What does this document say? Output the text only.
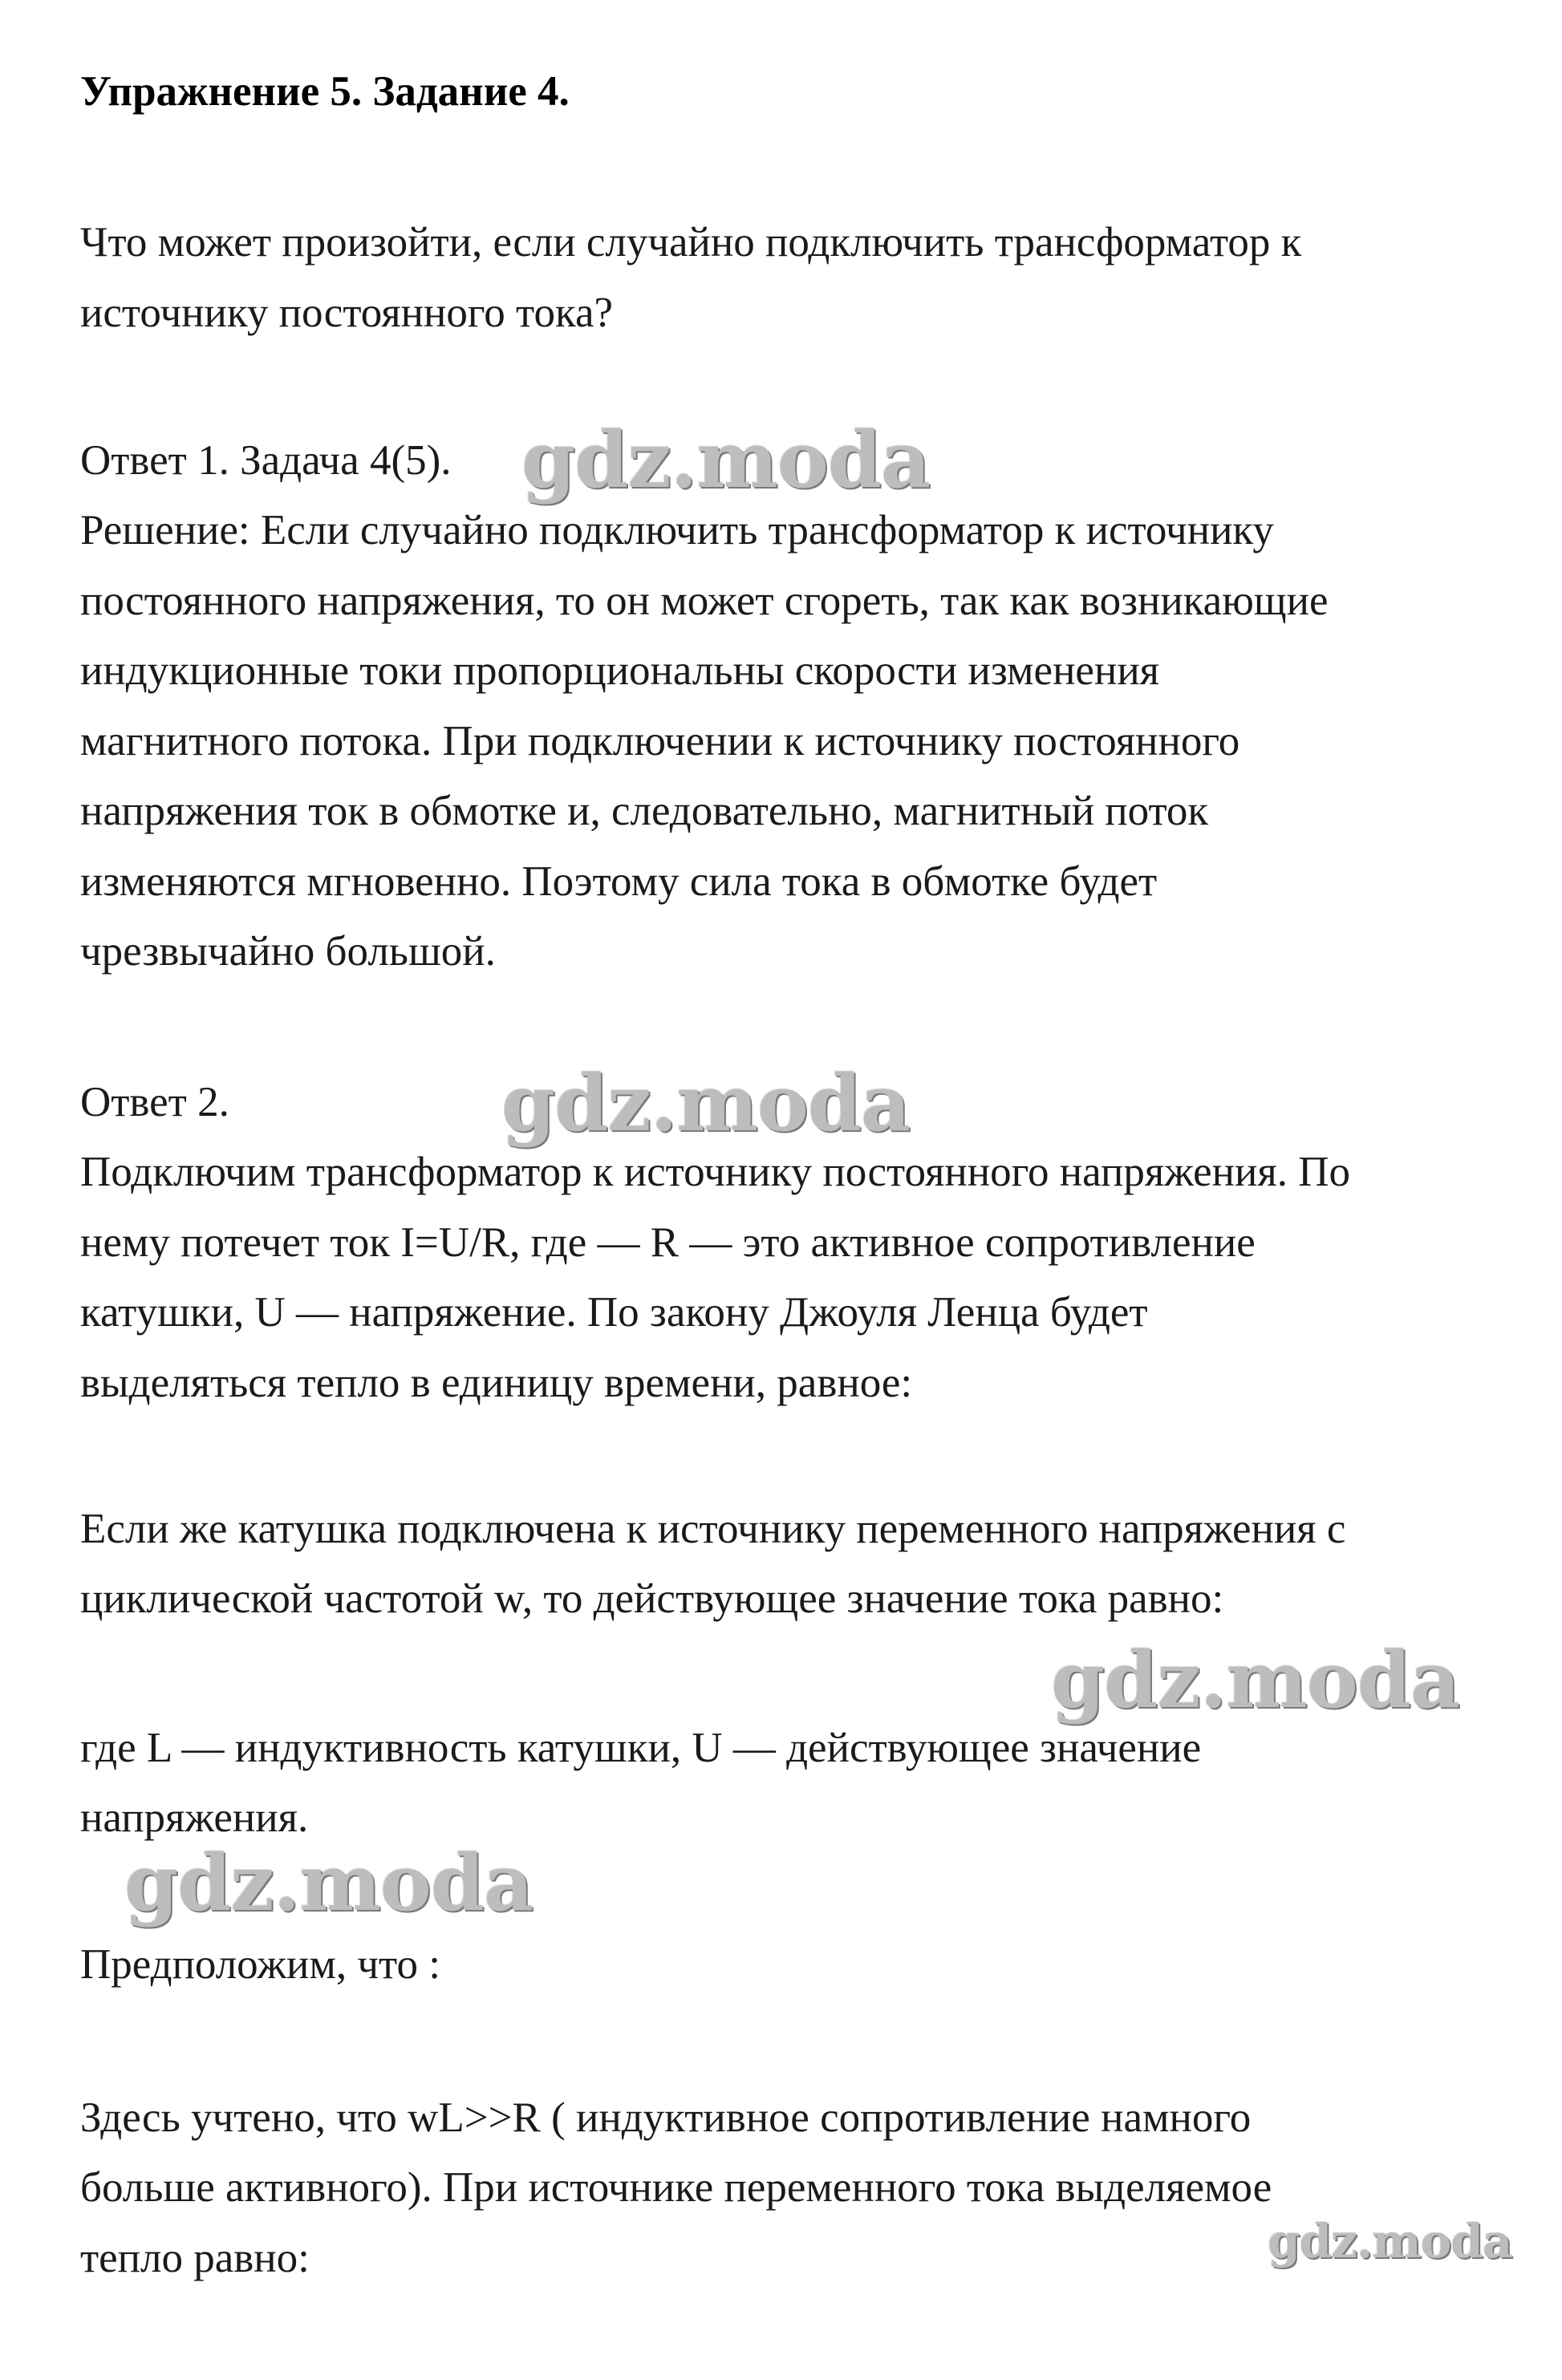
Упражнение 5. Задание 4.
Что может произойти, если случайно подключить трансформатор к
источнику постоянного тока?
Ответ 1. Задача 4(5).
Решение: Если случайно подключить трансформатор к источнику
постоянного напряжения, то он может сгореть, так как возникающие
индукционные токи пропорциональны скорости изменения
магнитного потока. При подключении к источнику постоянного
напряжения ток в обмотке и, следовательно, магнитный поток
изменяются мгновенно. Поэтому сила тока в обмотке будет
чрезвычайно большой.
Ответ 2.
Подключим трансформатор к источнику постоянного напряжения. По
нему потечет ток I=U/R, где — R — это активное сопротивление
катушки, U — напряжение. По закону Джоуля Ленца будет
выделяться тепло в единицу времени, равное:
Если же катушка подключена к источнику переменного напряжения с
циклической частотой w, то действующее значение тока равно:
где L — индуктивность катушки, U — действующее значение
напряжения.
Предположим, что :
Здесь учтено, что wL>>R ( индуктивное сопротивление намного
больше активного). При источнике переменного тока выделяемое
тепло равно:
gdz.moda
gdz.moda
gdz.moda
gdz.moda
gdz.moda
